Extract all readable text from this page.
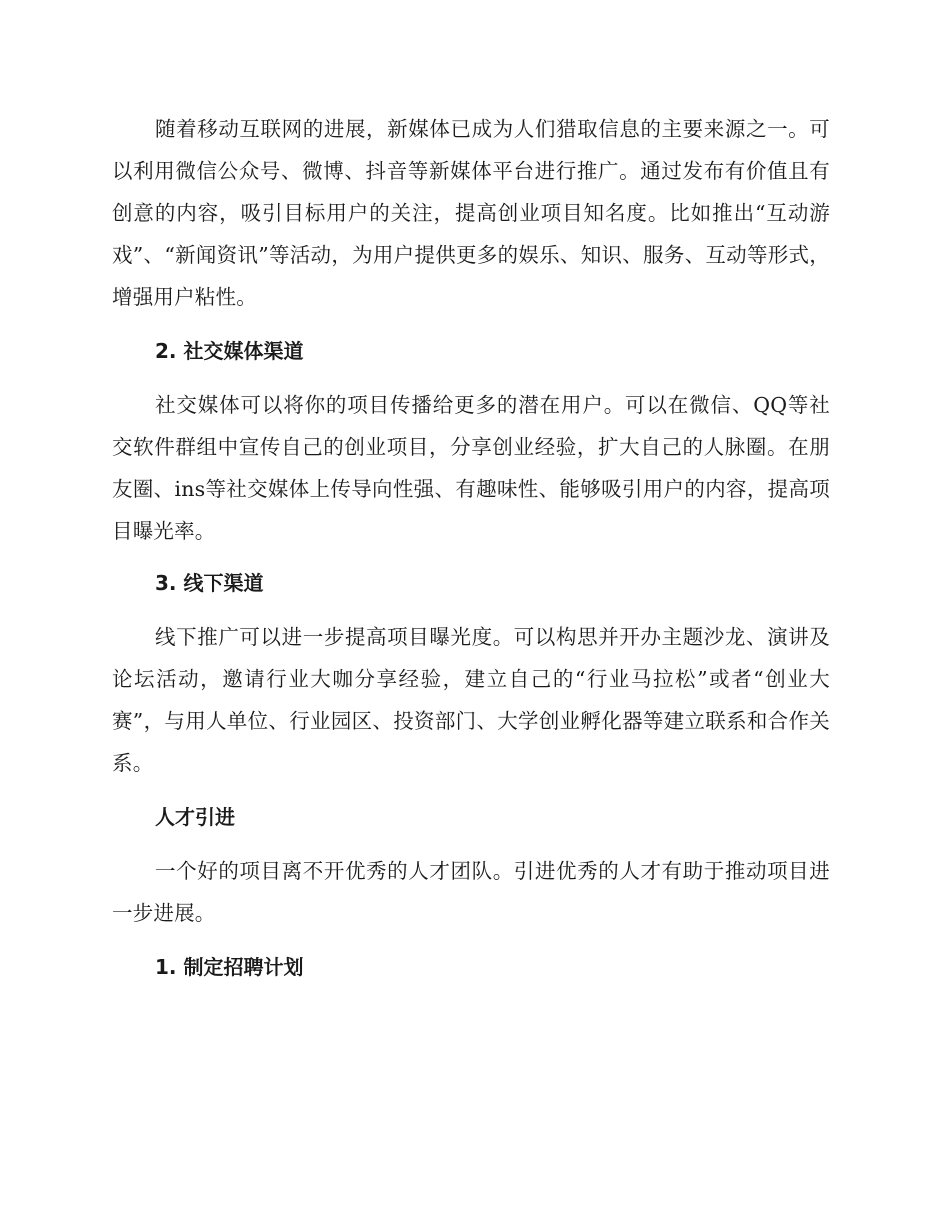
随着移动互联网的进展，新媒体已成为人们猎取信息的主要来源之一。可以利用微信公众号、微博、抖音等新媒体平台进行推广。通过发布有价值且有创意的内容，吸引目标用户的关注，提高创业项目知名度。比如推出“互动游戏”、“新闻资讯”等活动，为用户提供更多的娱乐、知识、服务、互动等形式，增强用户粘性。

2. 社交媒体渠道

社交媒体可以将你的项目传播给更多的潜在用户。可以在微信、QQ等社交软件群组中宣传自己的创业项目，分享创业经验，扩大自己的人脉圈。在朋友圈、ins等社交媒体上传导向性强、有趣味性、能够吸引用户的内容，提高项目曝光率。

3. 线下渠道

线下推广可以进一步提高项目曝光度。可以构思并开办主题沙龙、演讲及论坛活动，邀请行业大咖分享经验，建立自己的“行业马拉松”或者“创业大赛”，与用人单位、行业园区、投资部门、大学创业孵化器等建立联系和合作关系。

人才引进

一个好的项目离不开优秀的人才团队。引进优秀的人才有助于推动项目进一步进展。

1. 制定招聘计划
